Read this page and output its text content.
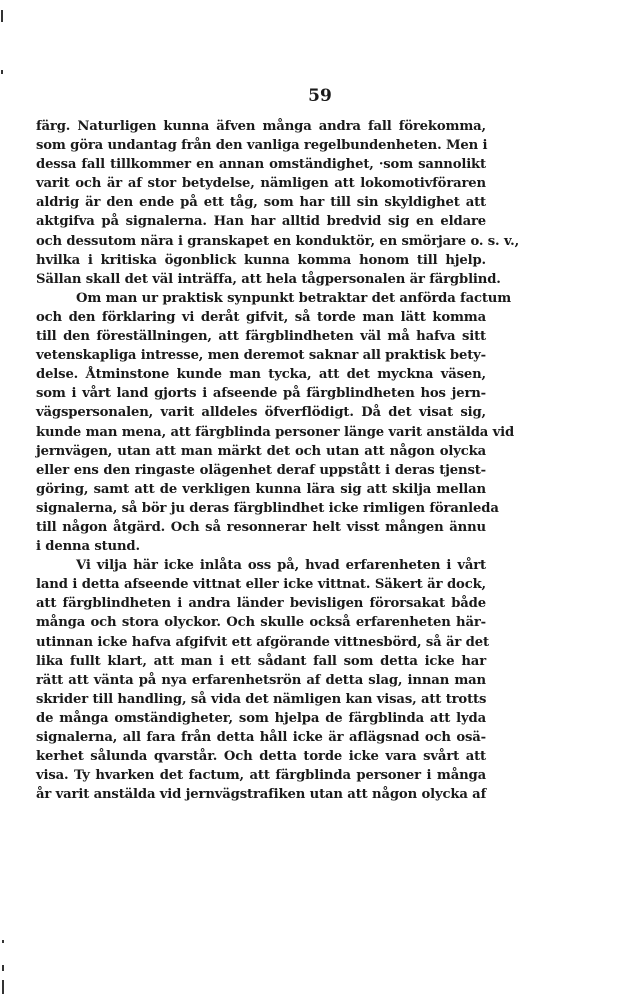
59
färg. Naturligen kunna äfven många andra fall förekomma,
som göra undantag från den vanliga regelbundenheten. Men i
dessa fall tillkommer en annan omständighet, ·som sannolikt
varit och är af stor betydelse, nämligen att lokomotivföraren
aldrig är den ende på ett tåg, som har till sin skyldighet att
aktgifva på signalerna. Han har alltid bredvid sig en eldare
och dessutom nära i granskapet en konduktör, en smörjare o. s. v.,
hvilka i kritiska ögonblick kunna komma honom till hjelp.
Sällan skall det väl inträffa, att hela tågpersonalen är färgblind.
Om man ur praktisk synpunkt betraktar det anförda factum
och den förklaring vi deråt gifvit, så torde man lätt komma
till den föreställningen, att färgblindheten väl må hafva sitt
vetenskapliga intresse, men deremot saknar all praktisk bety-
delse. Åtminstone kunde man tycka, att det myckna väsen,
som i vårt land gjorts i afseende på färgblindheten hos jern-
vägspersonalen, varit alldeles öfverflödigt. Då det visat sig,
kunde man mena, att färgblinda personer länge varit anstälda vid
jernvägen, utan att man märkt det och utan att någon olycka
eller ens den ringaste olägenhet deraf uppstått i deras tjenst-
göring, samt att de verkligen kunna lära sig att skilja mellan
signalerna, så bör ju deras färgblindhet icke rimligen föranleda
till någon åtgärd. Och så resonnerar helt visst mången ännu
i denna stund.
Vi vilja här icke inlåta oss på, hvad erfarenheten i vårt
land i detta afseende vittnat eller icke vittnat. Säkert är dock,
att färgblindheten i andra länder bevisligen förorsakat både
många och stora olyckor. Och skulle också erfarenheten här-
utinnan icke hafva afgifvit ett afgörande vittnesbörd, så är det
lika fullt klart, att man i ett sådant fall som detta icke har
rätt att vänta på nya erfarenhetsrön af detta slag, innan man
skrider till handling, så vida det nämligen kan visas, att trotts
de många omständigheter, som hjelpa de färgblinda att lyda
signalerna, all fara från detta håll icke är aflägsnad och osä-
kerhet sålunda qvarstår. Och detta torde icke vara svårt att
visa. Ty hvarken det factum, att färgblinda personer i många
år varit anstälda vid jernvägstrafiken utan att någon olycka af
